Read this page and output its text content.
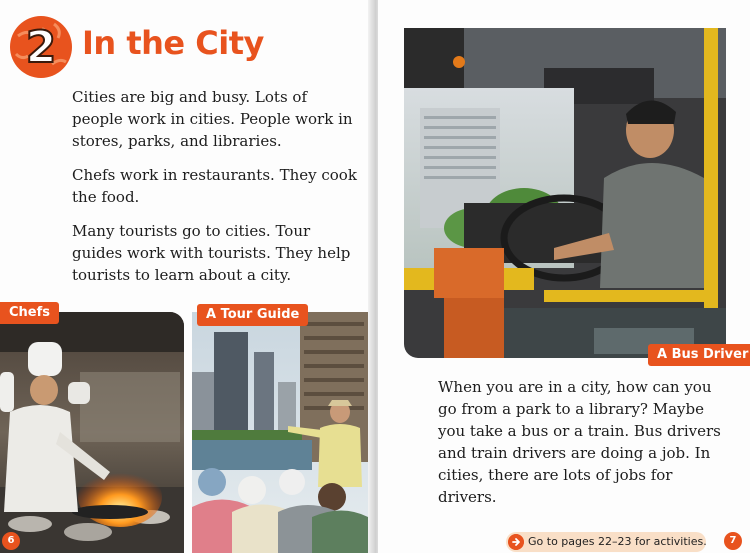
2 In the City

Cities are big and busy. Lots of people work in cities. People work in stores, parks, and libraries.

Chefs work in restaurants. They cook the food.

Many tourists go to cities. Tour guides work with tourists. They help tourists to learn about a city.

Chefs	A Tour Guide
6
A Bus Driver

When you are in a city, how can you go from a park to a library? Maybe you take a bus or a train. Bus drivers and train drivers are doing a job. In cities, there are lots of jobs for drivers.

7
Go to pages 22–23 for activities.
